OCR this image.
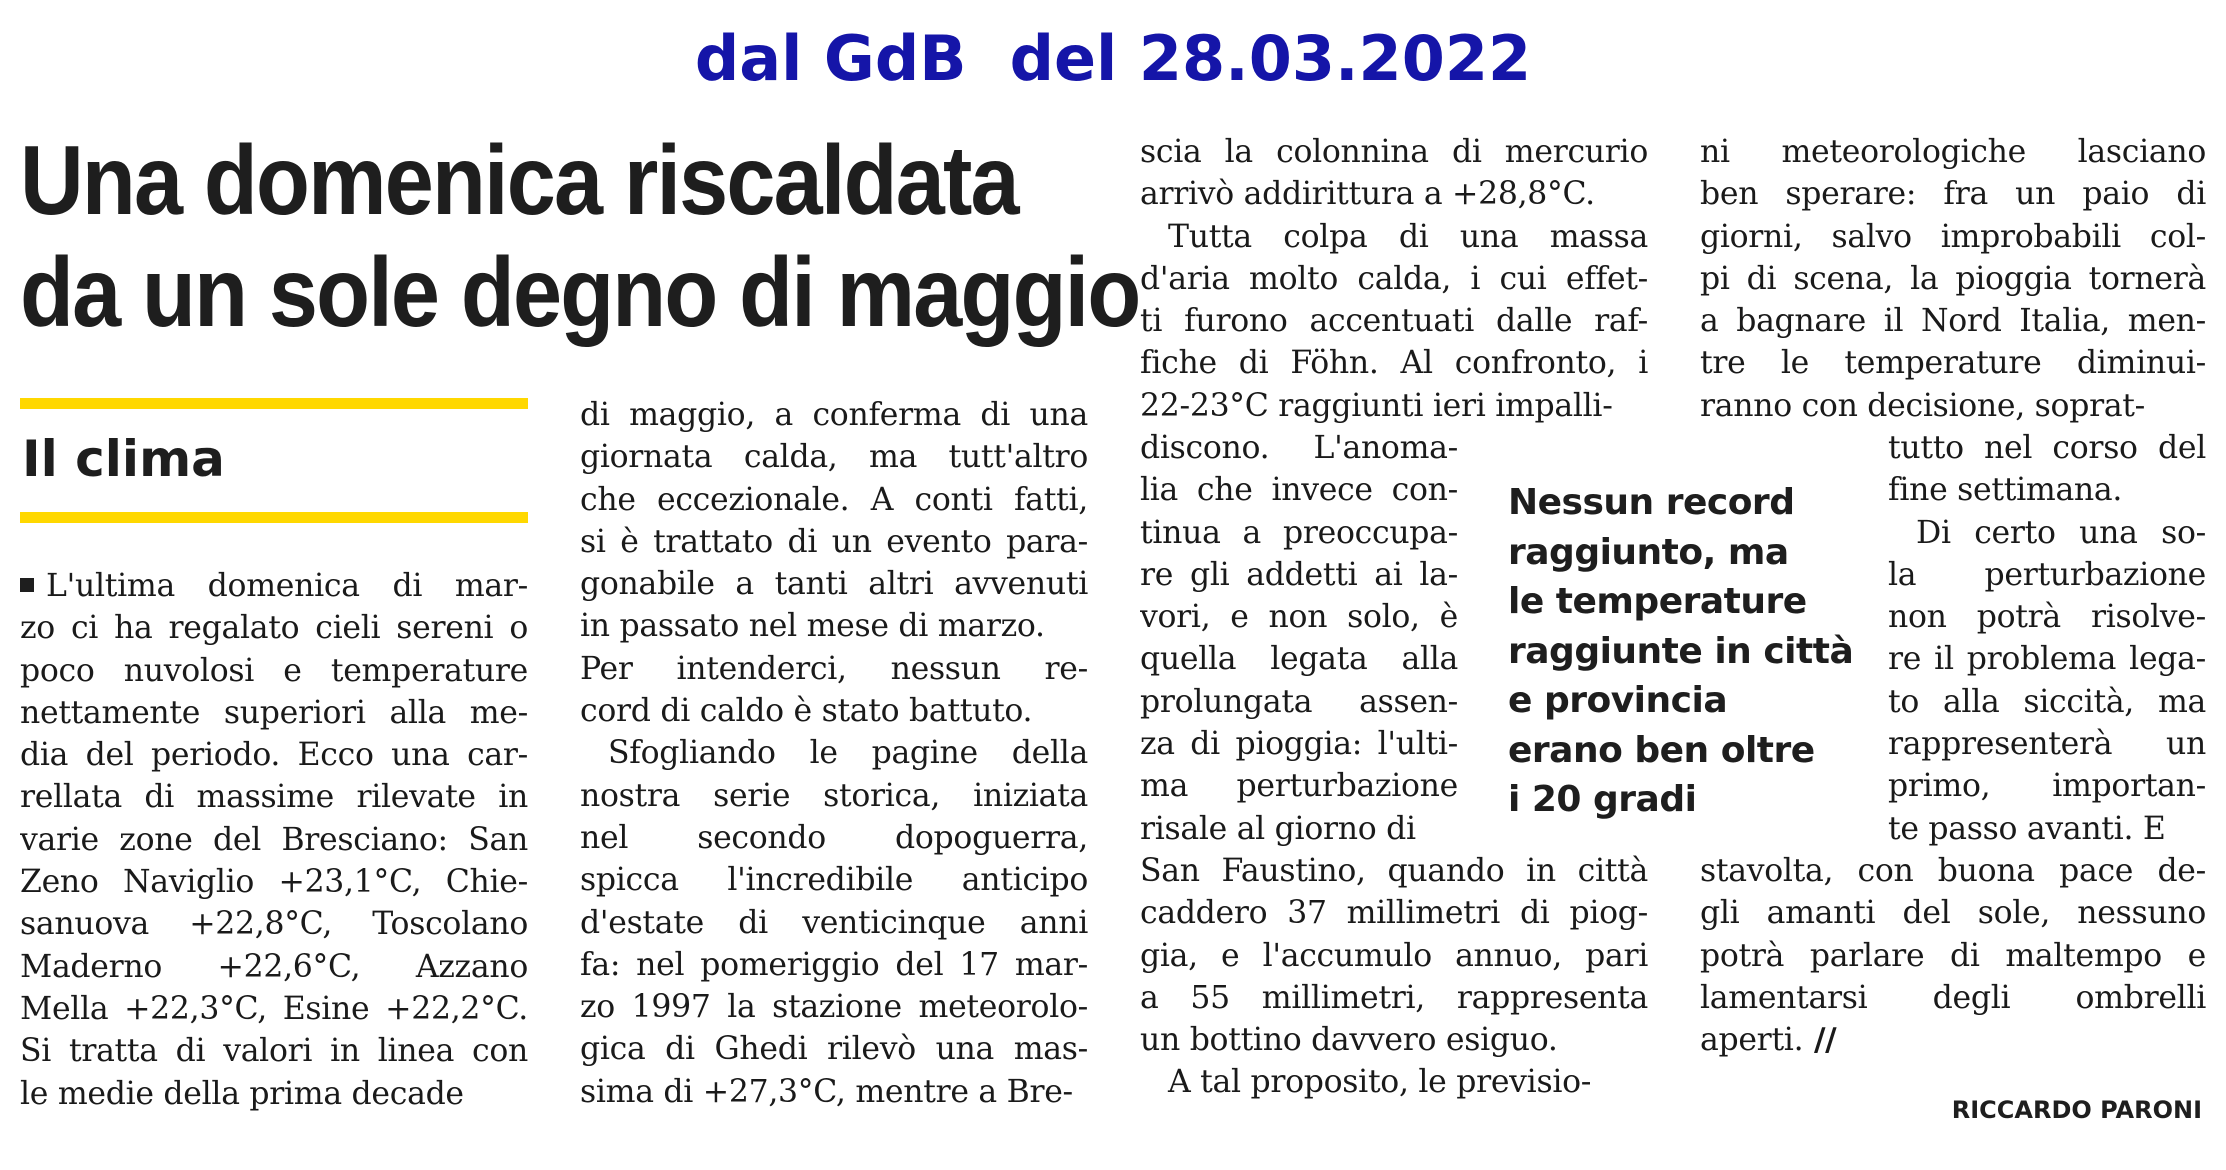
dal GdB  del 28.03.2022
Una domenica riscaldata
da un sole degno di maggio
Il clima
L'ultima domenica di mar-
zo ci ha regalato cieli sereni o
poco nuvolosi e temperature
nettamente superiori alla me-
dia del periodo. Ecco una car-
rellata di massime rilevate in
varie zone del Bresciano: San
Zeno Naviglio +23,1°C, Chie-
sanuova +22,8°C, Toscolano
Maderno +22,6°C, Azzano
Mella +22,3°C, Esine +22,2°C.
Si tratta di valori in linea con
le medie della prima decade
di maggio, a conferma di una
giornata calda, ma tutt'altro
che eccezionale. A conti fatti,
si è trattato di un evento para-
gonabile a tanti altri avvenuti
in passato nel mese di marzo.
Per intenderci, nessun re-
cord di caldo è stato battuto.
Sfogliando le pagine della
nostra serie storica, iniziata
nel secondo dopoguerra,
spicca l'incredibile anticipo
d'estate di venticinque anni
fa: nel pomeriggio del 17 mar-
zo 1997 la stazione meteorolo-
gica di Ghedi rilevò una mas-
sima di +27,3°C, mentre a Bre-
scia la colonnina di mercurio
arrivò addirittura a +28,8°C.
Tutta colpa di una massa
d'aria molto calda, i cui effet-
ti furono accentuati dalle raf-
fiche di Föhn. Al confronto, i
22-23°C raggiunti ieri impalli-
discono. L'anoma-
lia che invece con-
tinua a preoccupa-
re gli addetti ai la-
vori, e non solo, è
quella legata alla
prolungata assen-
za di pioggia: l'ulti-
ma perturbazione
risale al giorno di
San Faustino, quando in città
caddero 37 millimetri di piog-
gia, e l'accumulo annuo, pari
a 55 millimetri, rappresenta
un bottino davvero esiguo.
A tal proposito, le previsio-
ni meteorologiche lasciano
ben sperare: fra un paio di
giorni, salvo improbabili col-
pi di scena, la pioggia tornerà
a bagnare il Nord Italia, men-
tre le temperature diminui-
ranno con decisione, soprat-
tutto nel corso del
fine settimana.
Di certo una so-
la perturbazione
non potrà risolve-
re il problema lega-
to alla siccità, ma
rappresenterà un
primo, importan-
te passo avanti. E
stavolta, con buona pace de-
gli amanti del sole, nessuno
potrà parlare di maltempo e
lamentarsi degli ombrelli
aperti. //
Nessun record
raggiunto, ma
le temperature
raggiunte in città
e provincia
erano ben oltre
i 20 gradi
RICCARDO PARONI
